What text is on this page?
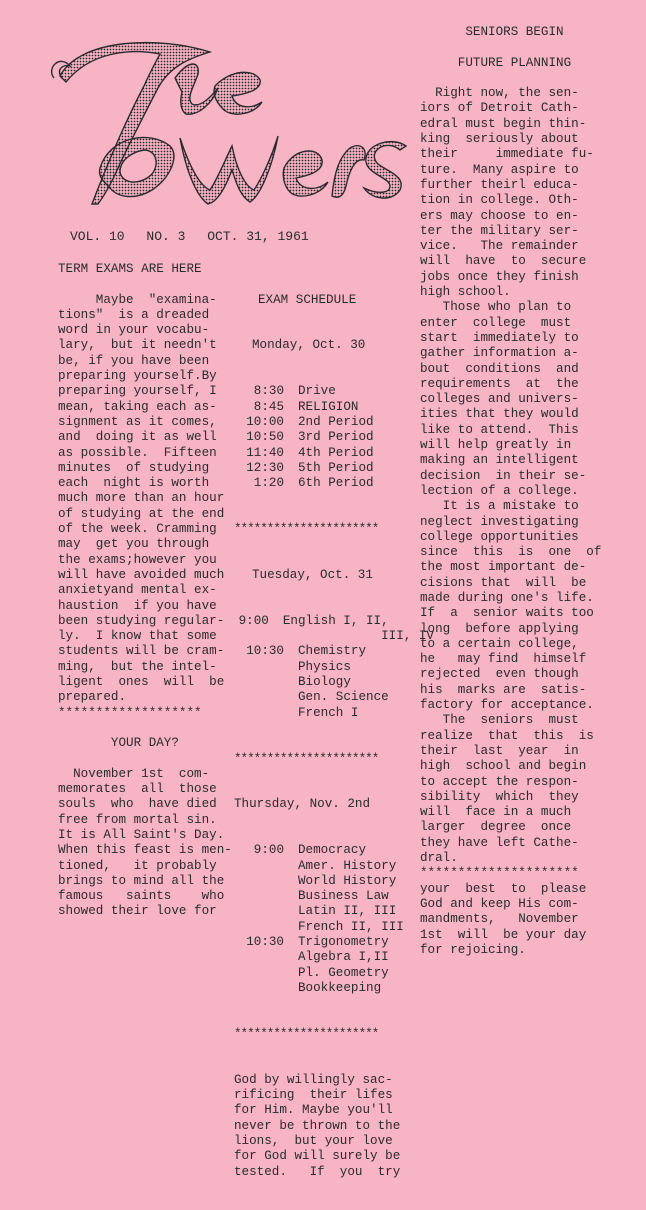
VOL. 10 NO. 3 OCT. 31, 1961

TERM EXAMS ARE HERE

Maybe  "examina-

tions"  is a dreaded

word in your vocabu-

lary,  but it needn't

be, if you have been

preparing yourself.By

preparing yourself, I

mean, taking each as-

signment as it comes,

and  doing it as well

as possible.  Fifteen

minutes  of studying

each  night is worth

much more than an hour

of studying at the end

of the week. Cramming

may  get you through

the exams;however you

will have avoided much

anxietyand mental ex-

haustion  if you have

been studying regular-

ly.  I know that some

students will be cram-

ming,  but the intel-

ligent  ones  will  be

prepared.

*******************

YOUR DAY?

November 1st  com-

memorates  all  those

souls  who  have died

free from mortal sin.

It is All Saint's Day.

When this feast is men-

tioned,   it probably

brings to mind all the

famous   saints    who

showed their love for

EXAM SCHEDULE

Monday, Oct. 30

8:30 Drive
8:45 RELIGION
10:00 2nd Period
10:50 3rd Period
11:40 4th Period
12:30 5th Period
1:20 6th Period

**********************

Tuesday, Oct. 31

9:00 English I, II,
III, IV
10:30 Chemistry
Physics
Biology
Gen. Science
French I

**********************

Thursday, Nov. 2nd

9:00 Democracy
Amer. History
World History
Business Law
Latin II, III
French II, III
10:30 Trigonometry
Algebra I,II
Pl. Geometry
Bookkeeping

**********************

God by willingly sac-

rificing  their lifes

for Him. Maybe you'll

never be thrown to the

lions,  but your love

for God will surely be

tested.   If  you  try

SENIORS BEGIN

FUTURE PLANNING

Right now, the sen-

iors of Detroit Cath-

edral must begin thin-

king  seriously about

their     immediate fu-

ture.  Many aspire to

further theirl educa-

tion in college. Oth-

ers may choose to en-

ter the military ser-

vice.   The remainder

will  have  to  secure

jobs once they finish

high school.

Those who plan to

enter  college  must

start  immediately to

gather information a-

bout  conditions  and

requirements  at  the

colleges and univers-

ities that they would

like to attend.  This

will help greatly in

making an intelligent

decision  in their se-

lection of a college.

It is a mistake to

neglect investigating

college opportunities

since  this  is  one  of

the most important de-

cisions that  will  be

made during one's life.

If  a  senior waits too

long  before applying

to a certain college,

he   may find  himself

rejected  even though

his  marks are  satis-

factory for acceptance.

The  seniors  must

realize  that  this  is

their  last  year  in

high  school and begin

to accept the respon-

sibility  which  they

will  face in a much

larger  degree  once

they have left Cathe-

dral.

*********************

your  best  to  please

God and keep His com-

mandments,   November

1st  will  be your day

for rejoicing.
